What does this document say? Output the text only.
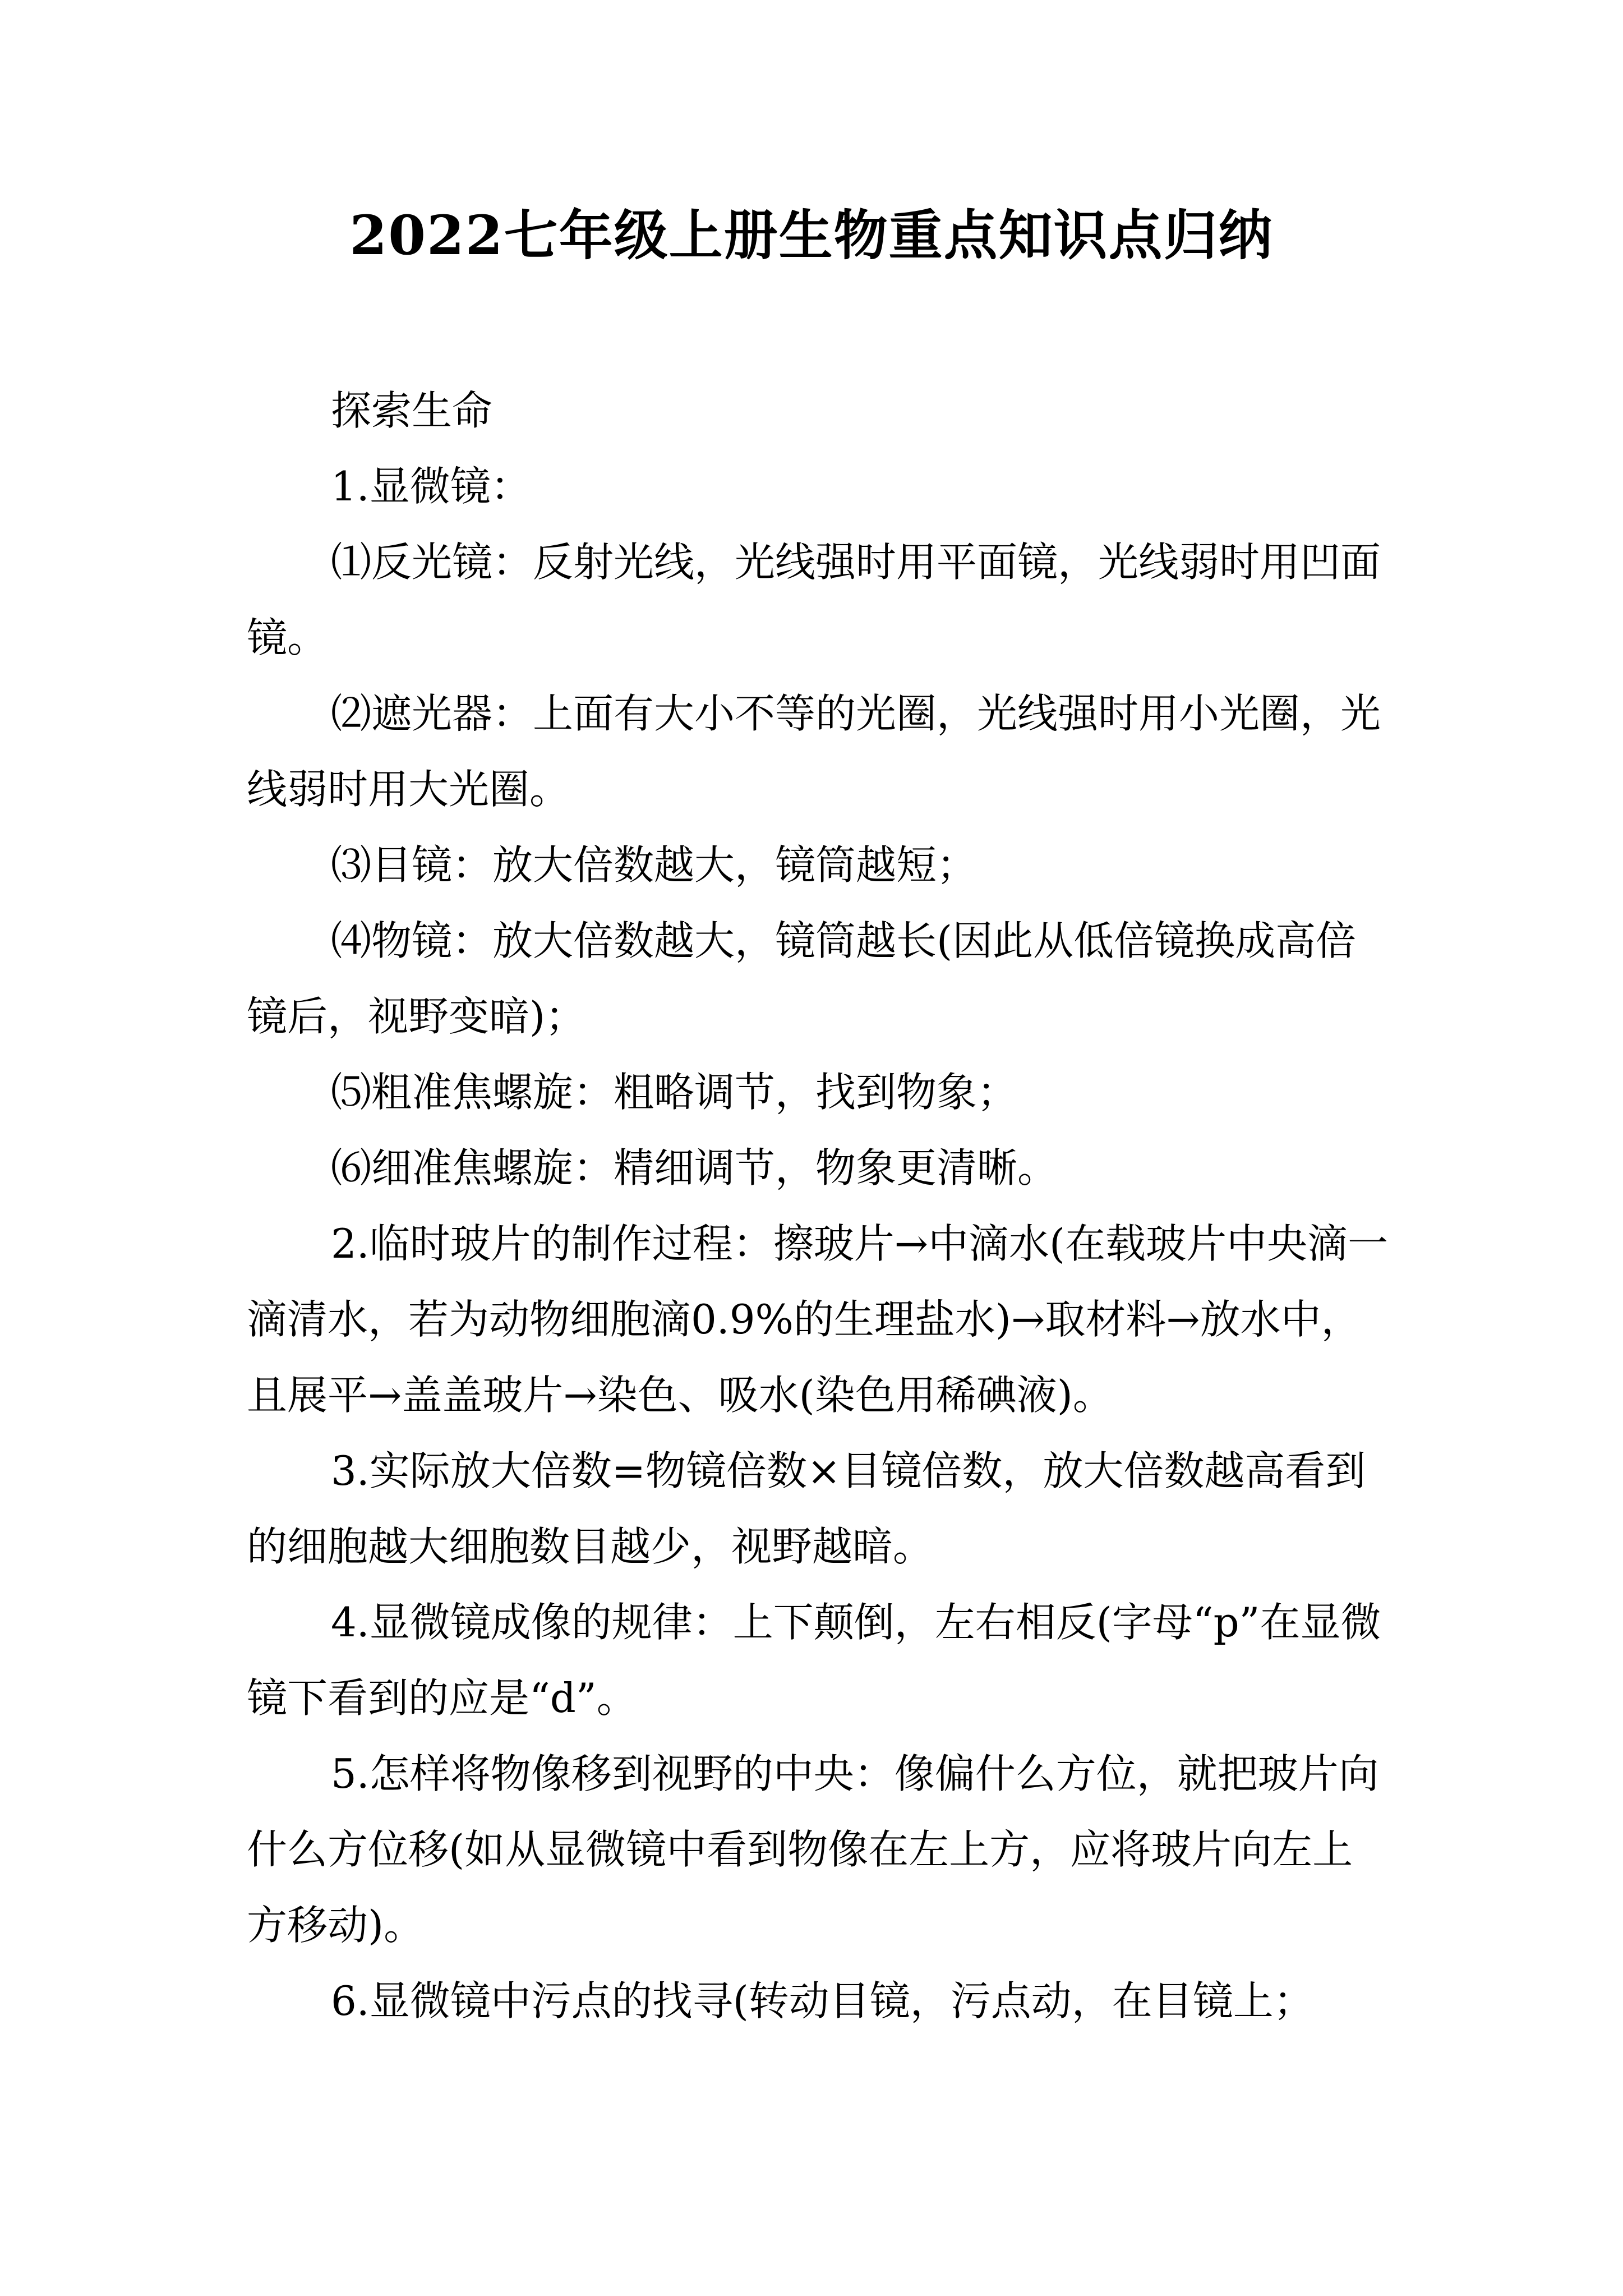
2022七年级上册生物重点知识点归纳

探索生命

1.显微镜：

⑴反光镜：反射光线，光线强时用平面镜，光线弱时用凹面镜。

⑵遮光器：上面有大小不等的光圈，光线强时用小光圈，光线弱时用大光圈。

⑶目镜：放大倍数越大，镜筒越短；

⑷物镜：放大倍数越大，镜筒越长(因此从低倍镜换成高倍镜后，视野变暗)；

⑸粗准焦螺旋：粗略调节，找到物象；

⑹细准焦螺旋：精细调节，物象更清晰。

2.临时玻片的制作过程：擦玻片→中滴水(在载玻片中央滴一滴清水，若为动物细胞滴0.9%的生理盐水)→取材料→放水中，且展平→盖盖玻片→染色、吸水(染色用稀碘液)。

3.实际放大倍数=物镜倍数×目镜倍数，放大倍数越高看到的细胞越大细胞数目越少，视野越暗。

4.显微镜成像的规律：上下颠倒，左右相反(字母“p”在显微镜下看到的应是“d”。

5.怎样将物像移到视野的中央：像偏什么方位，就把玻片向什么方位移(如从显微镜中看到物像在左上方，应将玻片向左上方移动)。

6.显微镜中污点的找寻(转动目镜，污点动，在目镜上；
